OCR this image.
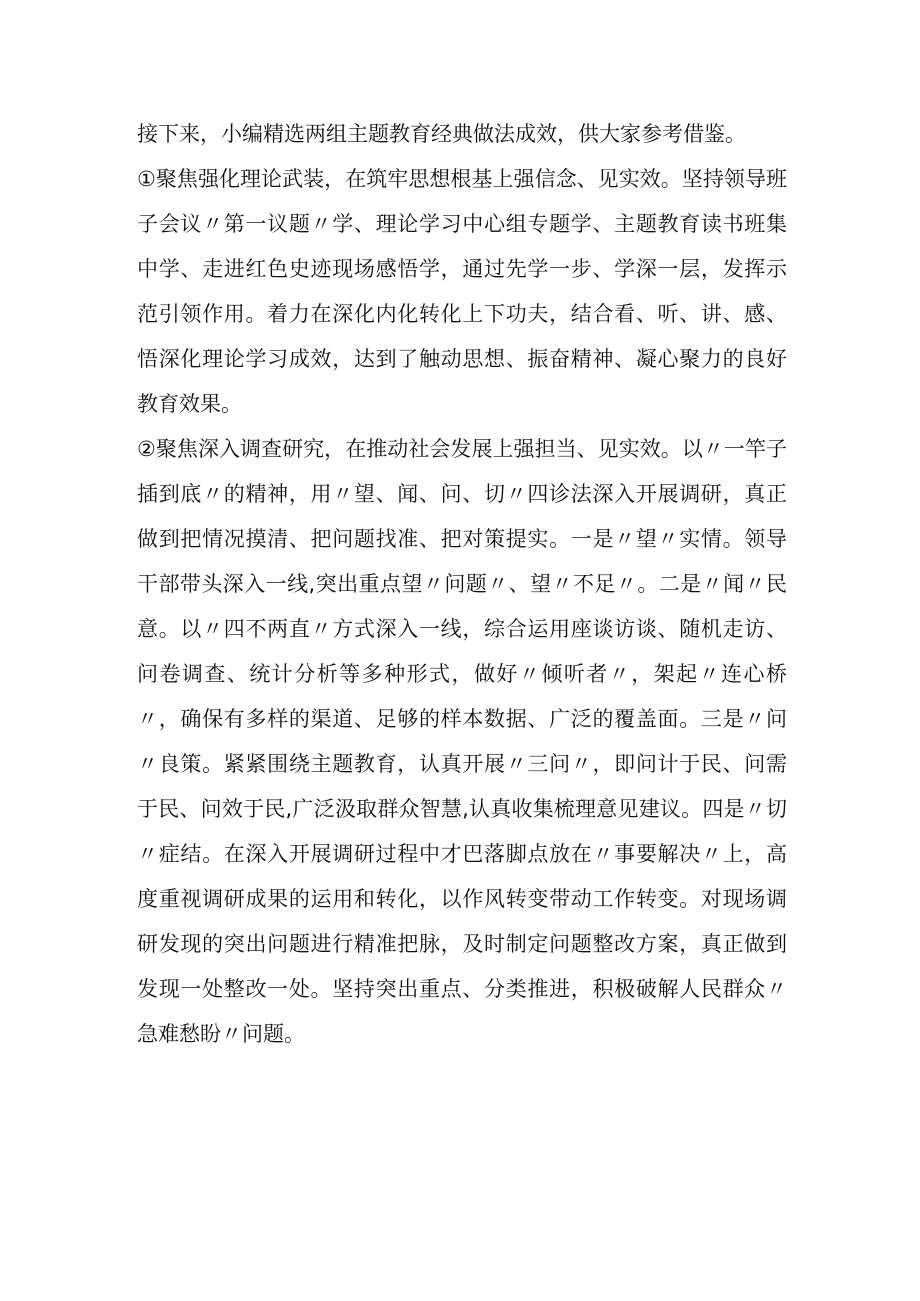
接下来，小编精选两组主题教育经典做法成效，供大家参考借鉴。

①聚焦强化理论武装，在筑牢思想根基上强信念、见实效。坚持领导班子会议〃第一议题〃学、理论学习中心组专题学、主题教育读书班集中学、走进红色史迹现场感悟学，通过先学一步、学深一层，发挥示范引领作用。着力在深化内化转化上下功夫，结合看、听、讲、感、悟深化理论学习成效，达到了触动思想、振奋精神、凝心聚力的良好教育效果。

②聚焦深入调查研究，在推动社会发展上强担当、见实效。以〃一竿子插到底〃的精神，用〃望、闻、问、切〃四诊法深入开展调研，真正做到把情况摸清、把问题找准、把对策提实。一是〃望〃实情。领导干部带头深入一线,突出重点望〃问题〃、望〃不足〃。二是〃闻〃民意。以〃四不两直〃方式深入一线，综合运用座谈访谈、随机走访、问卷调查、统计分析等多种形式，做好〃倾听者〃，架起〃连心桥〃，确保有多样的渠道、足够的样本数据、广泛的覆盖面。三是〃问〃良策。紧紧围绕主题教育，认真开展〃三问〃，即问计于民、问需于民、问效于民,广泛汲取群众智慧,认真收集梳理意见建议。四是〃切〃症结。在深入开展调研过程中才巴落脚点放在〃事要解决〃上，高度重视调研成果的运用和转化，以作风转变带动工作转变。对现场调研发现的突出问题进行精准把脉，及时制定问题整改方案，真正做到发现一处整改一处。坚持突出重点、分类推进，积极破解人民群众〃急难愁盼〃问题。
